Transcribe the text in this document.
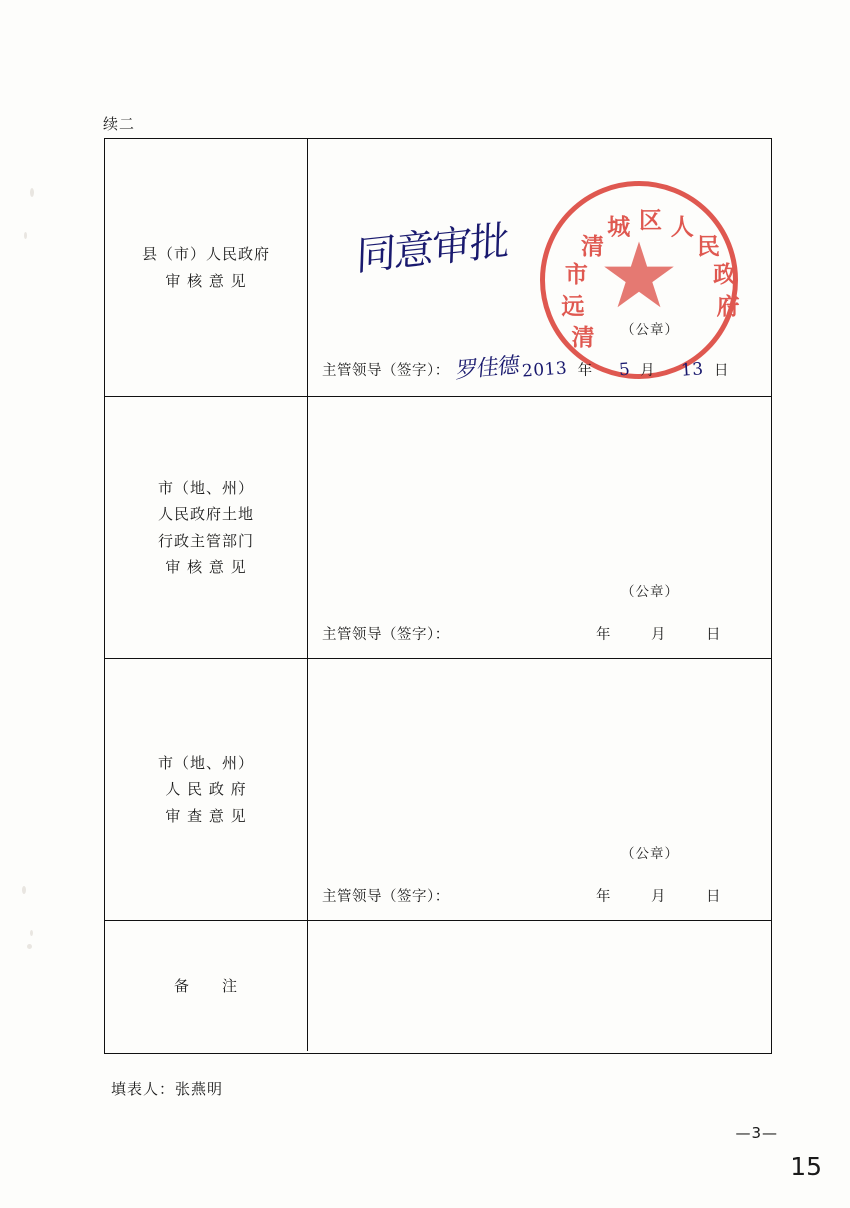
续二
县（市）人民政府
审 核 意 见
同意审批
清
远
市
清
城 区 人
民
政
府
（公章）
主管领导（签字）： 罗佳德 2013 年 5 月 13 日
市（地、州）
人民政府土地
行政主管部门
审 核 意 见
（公章）
主管领导（签字）：	年	月	日
市（地、州）
人 民 政 府
审 查 意 见
（公章）
主管领导（签字）：	年	月	日
备　　注
填表人：张燕明
—3—
15
